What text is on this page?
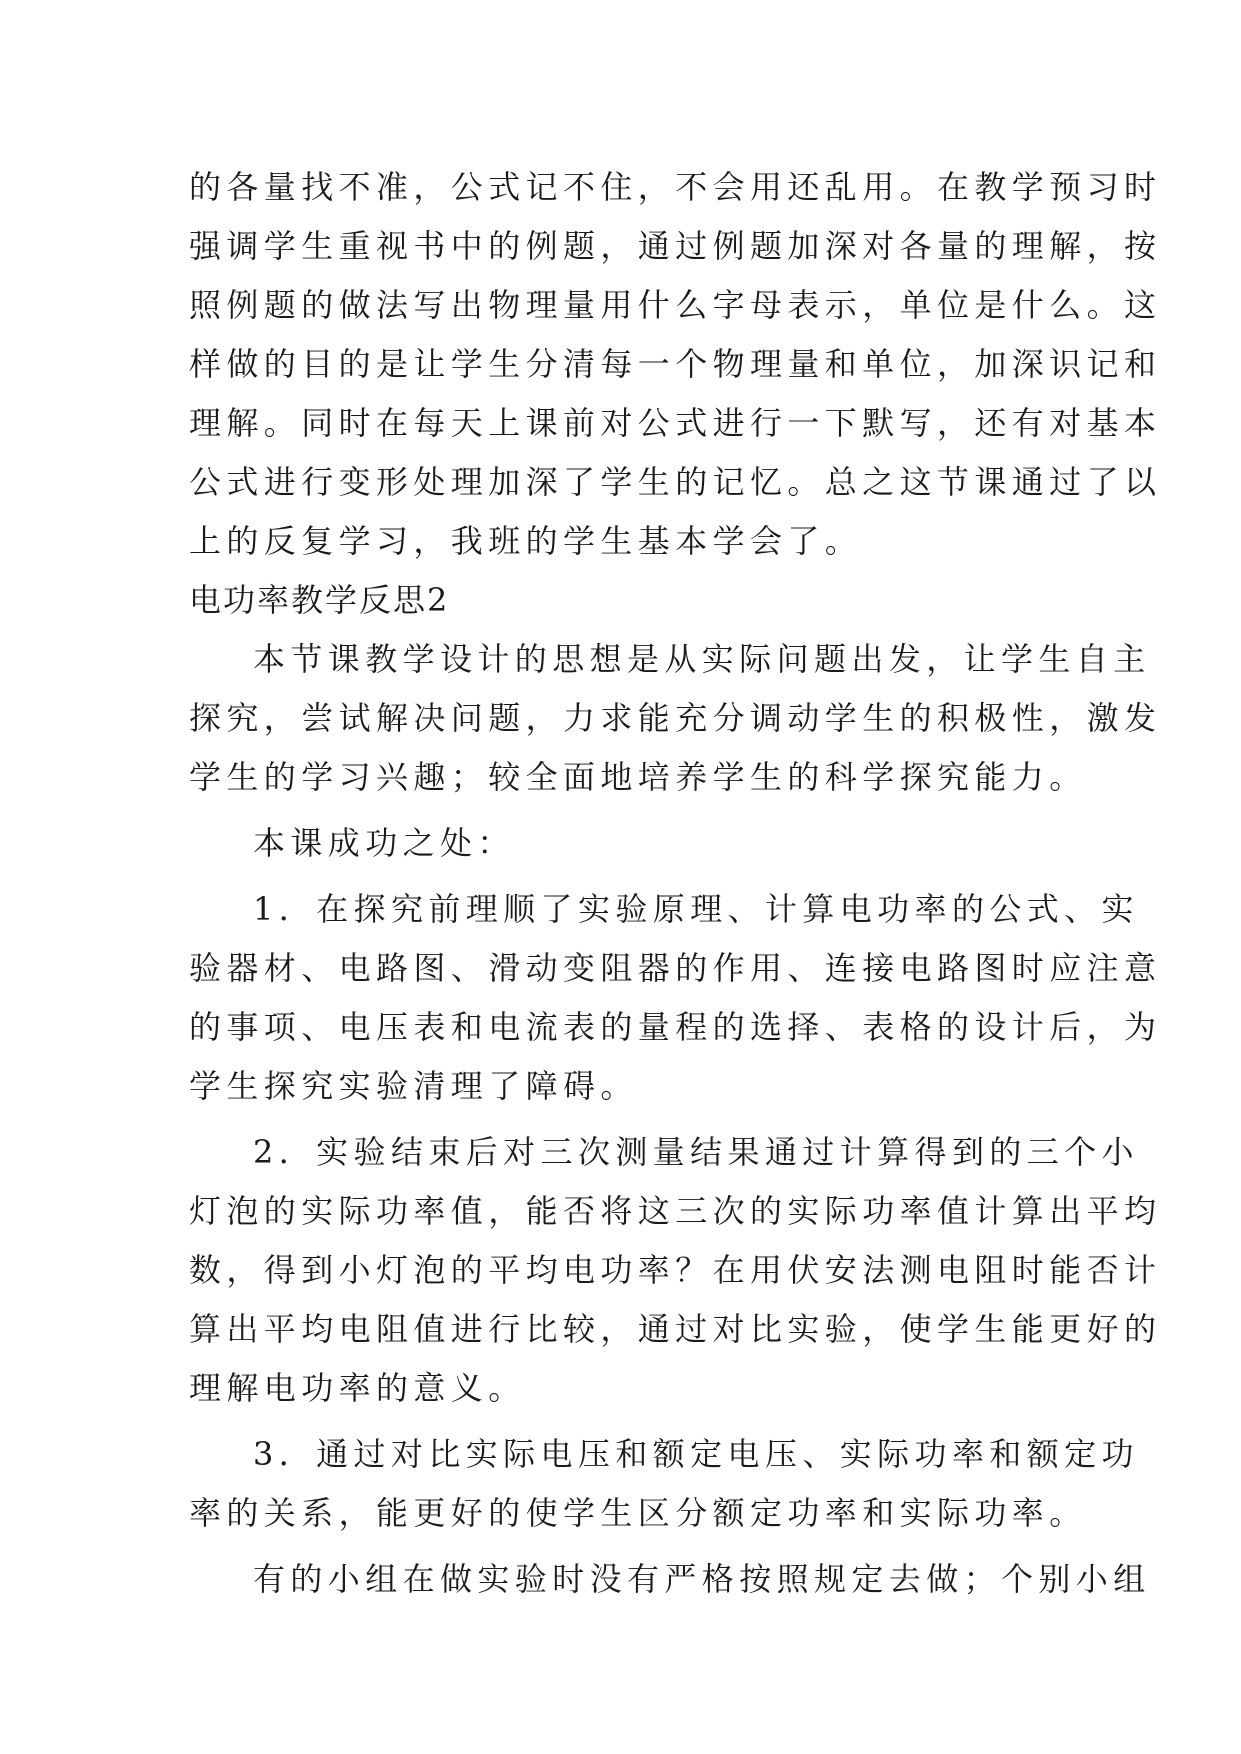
的各量找不准，公式记不住，不会用还乱用。在教学预习时
强调学生重视书中的例题，通过例题加深对各量的理解，按
照例题的做法写出物理量用什么字母表示，单位是什么。这
样做的目的是让学生分清每一个物理量和单位，加深识记和
理解。同时在每天上课前对公式进行一下默写，还有对基本
公式进行变形处理加深了学生的记忆。总之这节课通过了以
上的反复学习，我班的学生基本学会了。
电功率教学反思2
本节课教学设计的思想是从实际问题出发，让学生自主
探究，尝试解决问题，力求能充分调动学生的积极性，激发
学生的学习兴趣；较全面地培养学生的科学探究能力。
本课成功之处：
1．在探究前理顺了实验原理、计算电功率的公式、实
验器材、电路图、滑动变阻器的作用、连接电路图时应注意
的事项、电压表和电流表的量程的选择、表格的设计后，为
学生探究实验清理了障碍。
2．实验结束后对三次测量结果通过计算得到的三个小
灯泡的实际功率值，能否将这三次的实际功率值计算出平均
数，得到小灯泡的平均电功率？在用伏安法测电阻时能否计
算出平均电阻值进行比较，通过对比实验，使学生能更好的
理解电功率的意义。
3．通过对比实际电压和额定电压、实际功率和额定功
率的关系，能更好的使学生区分额定功率和实际功率。
有的小组在做实验时没有严格按照规定去做；个别小组
